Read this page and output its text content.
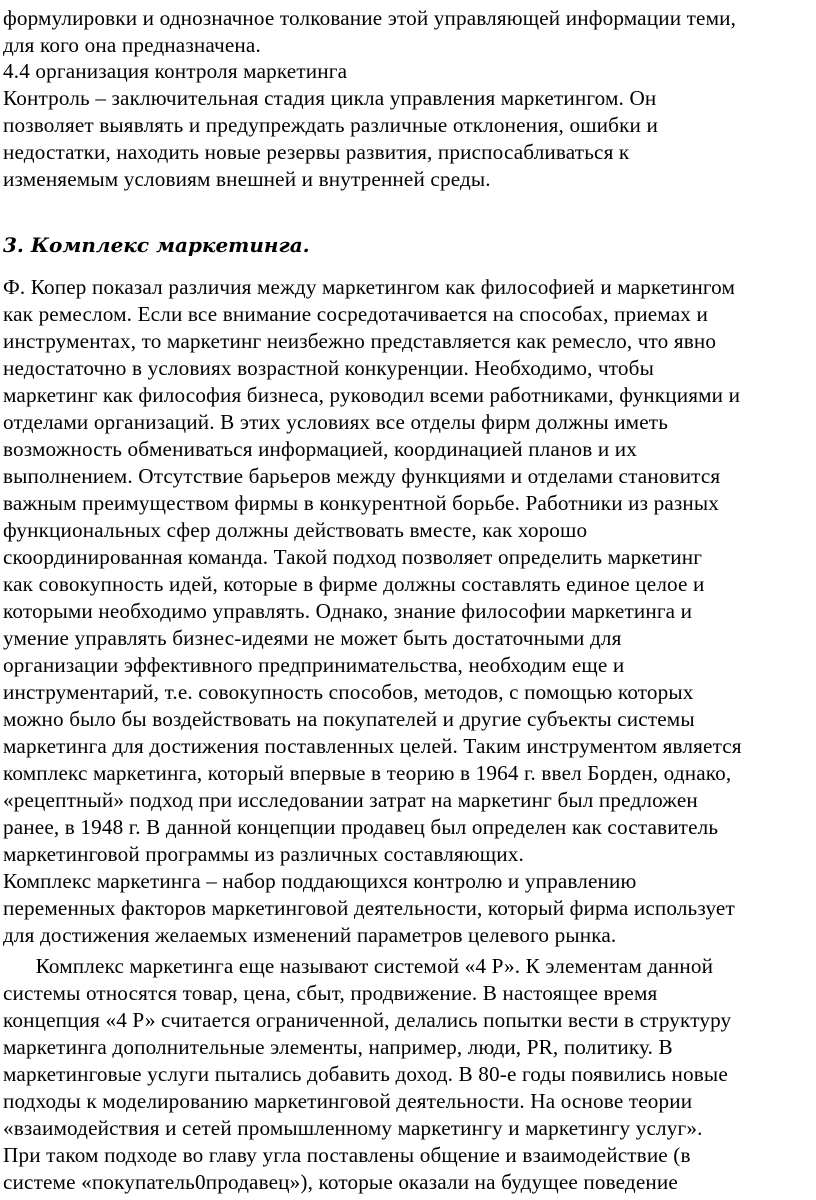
формулировки и однозначное толкование этой управляющей информации теми,
для кого она предназначена.
4.4 организация контроля маркетинга
Контроль – заключительная стадия цикла управления маркетингом. Он
позволяет выявлять и предупреждать различные отклонения, ошибки и
недостатки, находить новые резервы развития, приспосабливаться к
изменяемым условиям внешней и внутренней среды.
3. Комплекс маркетинга.
Ф. Копер показал различия между маркетингом как философией и маркетингом
как ремеслом. Если все внимание сосредотачивается на способах, приемах и
инструментах, то маркетинг неизбежно представляется как ремесло, что явно
недостаточно в условиях возрастной конкуренции. Необходимо, чтобы
маркетинг как философия бизнеса, руководил всеми работниками, функциями и
отделами организаций. В этих условиях все отделы фирм должны иметь
возможность обмениваться информацией, координацией планов и их
выполнением. Отсутствие барьеров между функциями и отделами становится
важным преимуществом фирмы в конкурентной борьбе. Работники из разных
функциональных сфер должны действовать вместе, как хорошо
скоординированная команда. Такой подход позволяет определить маркетинг
как совокупность идей, которые в фирме должны составлять единое целое и
которыми необходимо управлять. Однако, знание философии маркетинга и
умение управлять бизнес-идеями не может быть достаточными для
организации эффективного предпринимательства, необходим еще и
инструментарий, т.е. совокупность способов, методов, с помощью которых
можно было бы воздействовать на покупателей и другие субъекты системы
маркетинга для достижения поставленных целей. Таким инструментом является
комплекс маркетинга, который впервые в теорию в 1964 г. ввел Борден, однако,
«рецептный» подход при исследовании затрат на маркетинг был предложен
ранее, в 1948 г. В данной концепции продавец был определен как составитель
маркетинговой программы из различных составляющих.
Комплекс маркетинга – набор поддающихся контролю и управлению
переменных факторов маркетинговой деятельности, который фирма использует
для достижения желаемых изменений параметров целевого рынка.
Комплекс маркетинга еще называют системой «4 Р». К элементам данной
системы относятся товар, цена, сбыт, продвижение. В настоящее время
концепция «4 Р» считается ограниченной, делались попытки вести в структуру
маркетинга дополнительные элементы, например, люди, PR, политику. В
маркетинговые услуги пытались добавить доход. В 80-е годы появились новые
подходы к моделированию маркетинговой деятельности. На основе теории
«взаимодействия и сетей промышленному маркетингу и маркетингу услуг».
При таком подходе во главу угла поставлены общение и взаимодействие (в
системе «покупатель0продавец»), которые оказали на будущее поведение
